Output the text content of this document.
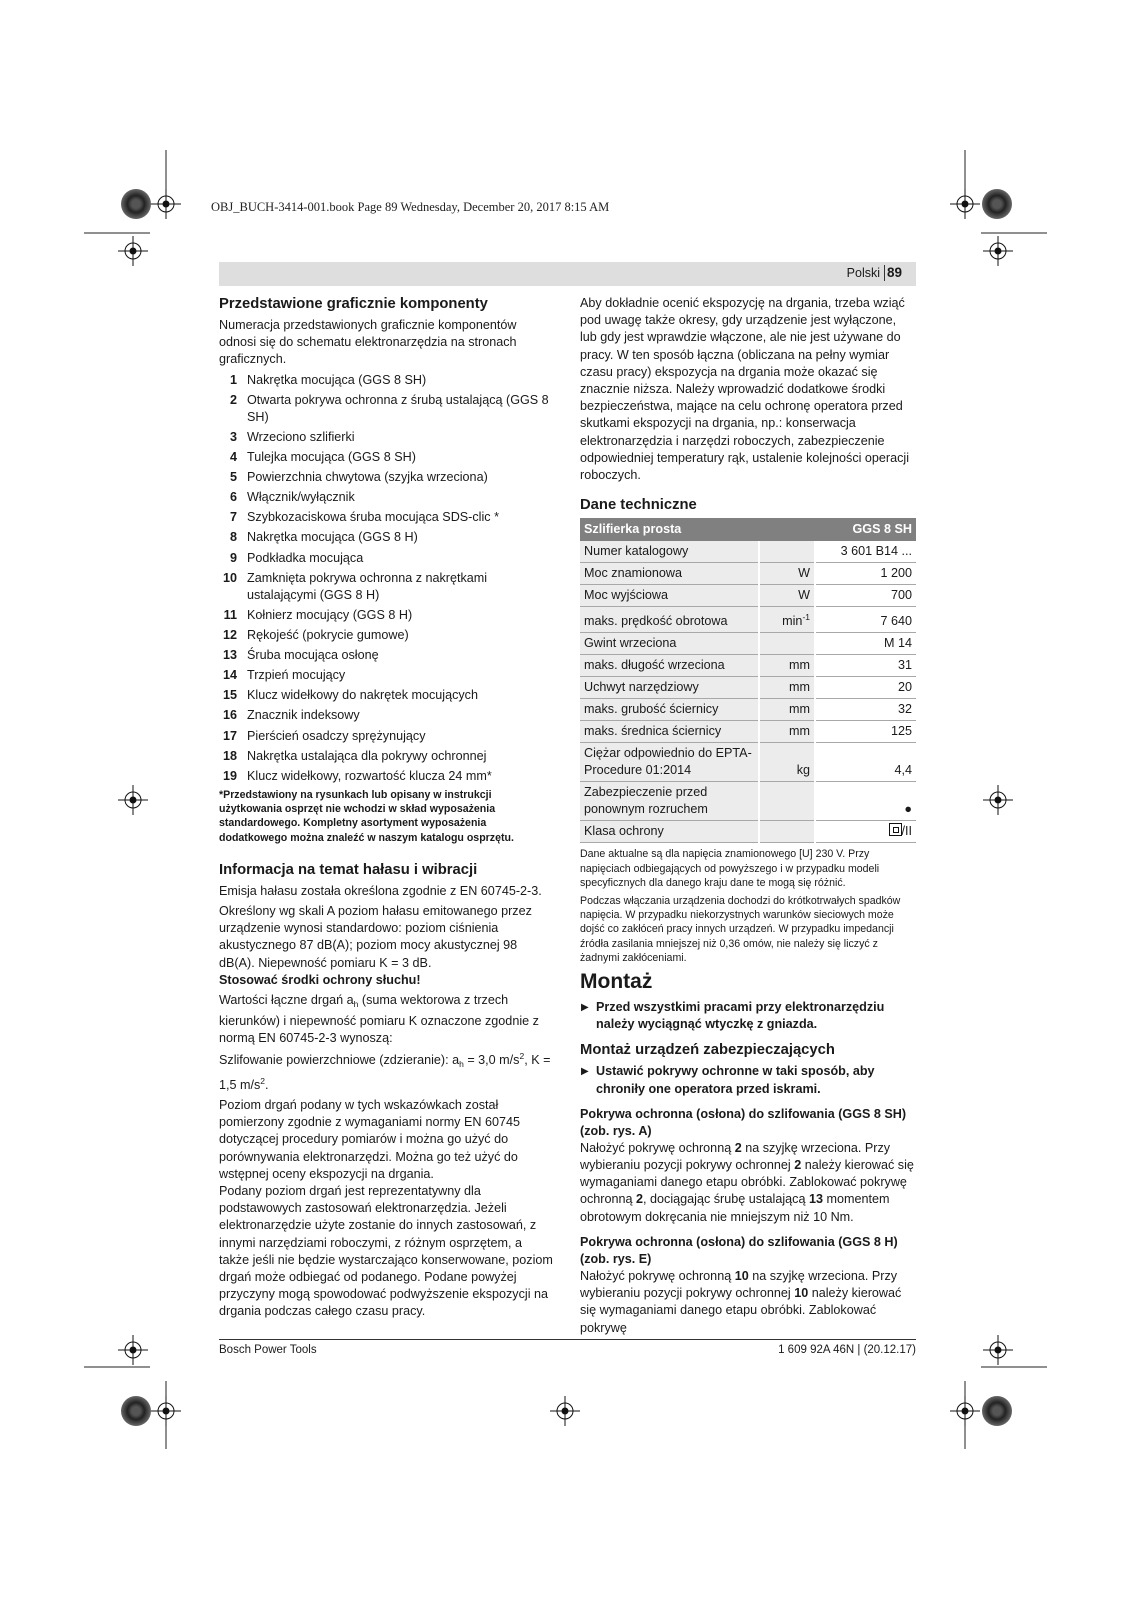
OBJ_BUCH-3414-001.book Page 89 Wednesday, December 20, 2017 8:15 AM
Polski 89
Przedstawione graficznie komponenty

Numeracja przedstawionych graficznie komponentów odnosi się do schematu elektronarzędzia na stronach graficznych.

1 Nakrętka mocująca (GGS 8 SH)
2 Otwarta pokrywa ochronna z śrubą ustalającą (GGS 8 SH)
3 Wrzeciono szlifierki
4 Tulejka mocująca (GGS 8 SH)
5 Powierzchnia chwytowa (szyjka wrzeciona)
6 Włącznik/wyłącznik
7 Szybkozaciskowa śruba mocująca SDS-clic *
8 Nakrętka mocująca (GGS 8 H)
9 Podkładka mocująca
10 Zamknięta pokrywa ochronna z nakrętkami ustalającymi (GGS 8 H)
11 Kołnierz mocujący (GGS 8 H)
12 Rękojeść (pokrycie gumowe)
13 Śruba mocująca osłonę
14 Trzpień mocujący
15 Klucz widełkowy do nakrętek mocujących
16 Znacznik indeksowy
17 Pierścień osadczy sprężynujący
18 Nakrętka ustalająca dla pokrywy ochronnej
19 Klucz widełkowy, rozwartość klucza 24 mm*
*Przedstawiony na rysunkach lub opisany w instrukcji użytkowania osprzęt nie wchodzi w skład wyposażenia standardowego. Kompletny asortyment wyposażenia dodatkowego można znaleźć w naszym katalogu osprzętu.
Informacja na temat hałasu i wibracji

Emisja hałasu została określona zgodnie z EN 60745-2-3.

Określony wg skali A poziom hałasu emitowanego przez urządzenie wynosi standardowo: poziom ciśnienia akustycznego 87 dB(A); poziom mocy akustycznej 98 dB(A). Niepewność pomiaru K = 3 dB.

Stosować środki ochrony słuchu!

Wartości łączne drgań $a_h$ (suma wektorowa z trzech kierunków) i niepewność pomiaru K oznaczone zgodnie z normą EN 60745-2-3 wynoszą:

Szlifowanie powierzchniowe (zdzieranie): $a_h = 3,0$ $m/s^2$, K = 1,5 $m/s^2$.

Poziom drgań podany w tych wskazówkach został pomierzony zgodnie z wymaganiami normy EN 60745 dotyczącej procedury pomiarów i można go użyć do porównywania elektronarzędzi. Można go też użyć do wstępnej oceny ekspozycji na drgania.

Podany poziom drgań jest reprezentatywny dla podstawowych zastosowań elektronarzędzia. Jeżeli elektronarzędzie użyte zostanie do innych zastosowań, z innymi narzędziami roboczymi, z różnym osprzętem, a także jeśli nie będzie wystarczająco konserwowane, poziom drgań może odbiegać od podanego. Podane powyżej przyczyny mogą spowodować podwyższenie ekspozycji na drgania podczas całego czasu pracy.

Aby dokładnie ocenić ekspozycję na drgania, trzeba wziąć pod uwagę także okresy, gdy urządzenie jest wyłączone, lub gdy jest wprawdzie włączone, ale nie jest używane do pracy. W ten sposób łączna (obliczana na pełny wymiar czasu pracy) ekspozycja na drgania może okazać się znacznie niższa. Należy wprowadzić dodatkowe środki bezpieczeństwa, mające na celu ochronę operatora przed skutkami ekspozycji na drgania, np.: konserwacja elektronarzędzia i narzędzi roboczych, zabezpieczenie odpowiedniej temperatury rąk, ustalenie kolejności operacji roboczych.

Dane techniczne
Szlifierka prosta		GGS 8 SH
Numer katalogowy		3 601 B14 ...
Moc znamionowa	W	1 200
Moc wyjściowa	W	700
maks. prędkość obrotowa	$\min^{-1}$	7 640
Gwint wrzeciona		M 14
maks. długość wrzeciona	mm	31
Uchwyt narzędziowy	mm	20
maks. grubość ściernicy	mm	32
maks. średnica ściernicy	mm	125
Ciężar odpowiednio do EPTA-Procedure 01:2014	kg	4,4
Zabezpieczenie przed ponownym rozruchem		●
Klasa ochrony		/II
Dane aktualne są dla napięcia znamionowego [U] 230 V. Przy napięciach odbiegających od powyższego i w przypadku modeli specyficznych dla danego kraju dane te mogą się różnić.
Podczas włączania urządzenia dochodzi do krótkotrwałych spadków napięcia. W przypadku niekorzystnych warunków sieciowych może dojść co zakłóceń pracy innych urządzeń. W przypadku impedancji źródła zasilania mniejszej niż 0,36 omów, nie należy się liczyć z żadnymi zakłóceniami.
Montaż
▶ Przed wszystkimi pracami przy elektronarzędziu należy wyciągnąć wtyczkę z gniazda.
Montaż urządzeń zabezpieczających
▶ Ustawić pokrywy ochronne w taki sposób, aby chroniły one operatora przed iskrami.
Pokrywa ochronna (osłona) do szlifowania (GGS 8 SH) (zob. rys. A)

Nałożyć pokrywę ochronną 2 na szyjkę wrzeciona. Przy wybieraniu pozycji pokrywy ochronnej 2 należy kierować się wymaganiami danego etapu obróbki. Zablokować pokrywę ochronną 2, dociągając śrubę ustalającą 13 momentem obrotowym dokręcania nie mniejszym niż 10 Nm.

Pokrywa ochronna (osłona) do szlifowania (GGS 8 H) (zob. rys. E)

Nałożyć pokrywę ochronną 10 na szyjkę wrzeciona. Przy wybieraniu pozycji pokrywy ochronnej 10 należy kierować się wymaganiami danego etapu obróbki. Zablokować pokrywę

Bosch Power Tools	1 609 92A 46N | (20.12.17)
